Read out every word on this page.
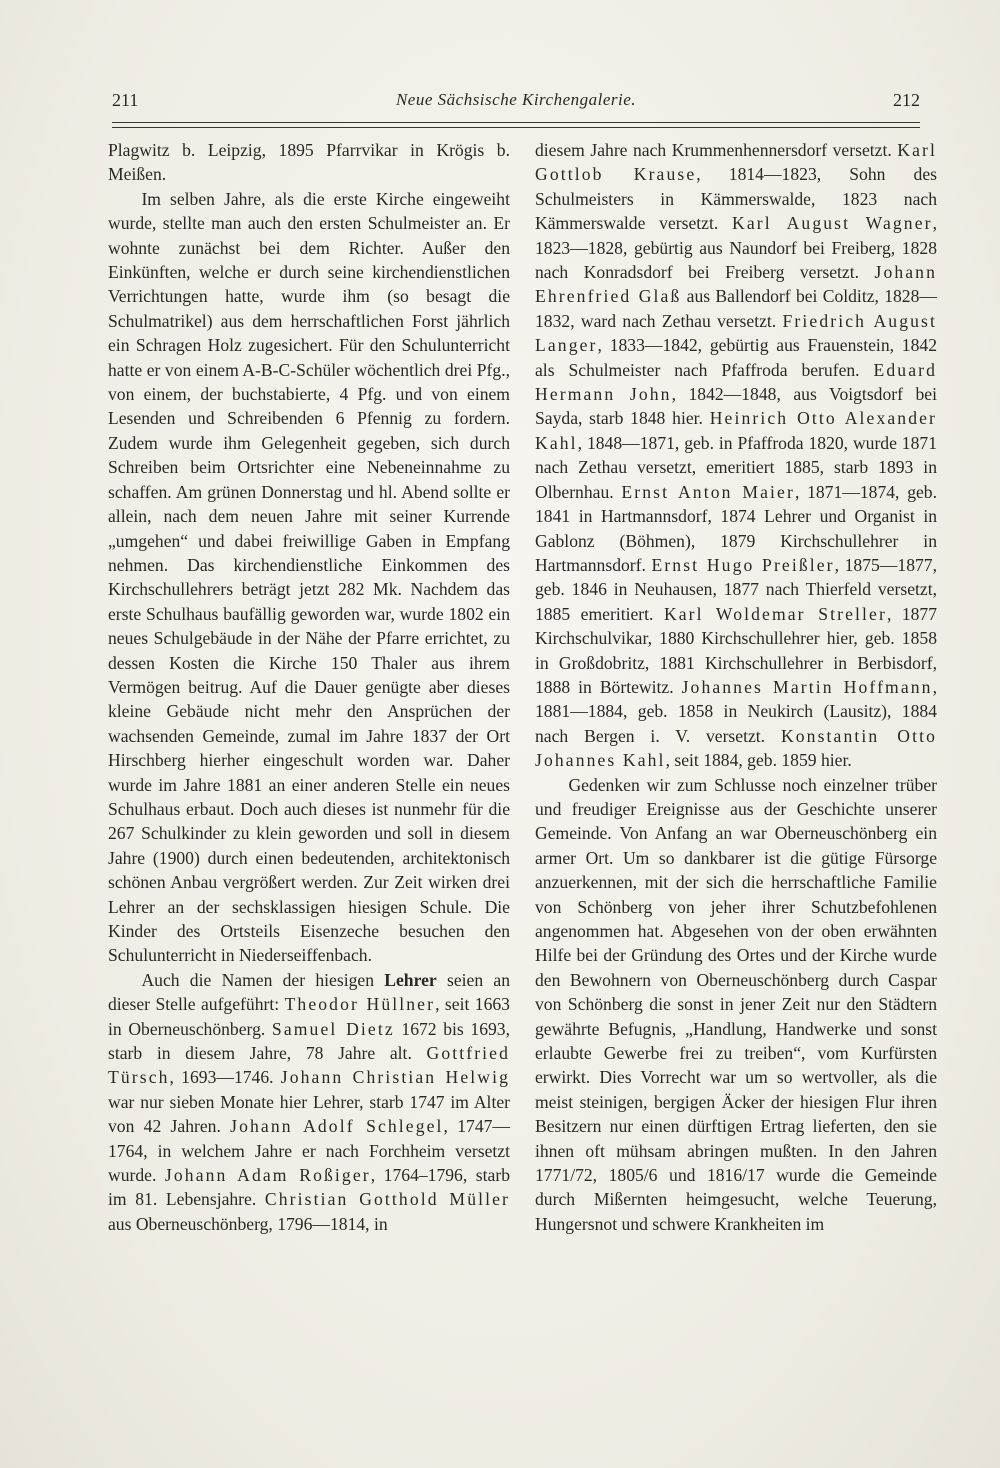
211	Neue Sächsische Kirchengalerie.	212

Plagwitz b. Leipzig, 1895 Pfarrvikar in Krögis b. Meißen.

Im selben Jahre, als die erste Kirche eingeweiht wurde, stellte man auch den ersten Schulmeister an. Er wohnte zunächst bei dem Richter. Außer den Einkünften, welche er durch seine kirchendienstlichen Verrichtungen hatte, wurde ihm (so besagt die Schulmatrikel) aus dem herrschaftlichen Forst jährlich ein Schragen Holz zugesichert. Für den Schulunterricht hatte er von einem A-B-C-Schüler wöchentlich drei Pfg., von einem, der buchstabierte, 4 Pfg. und von einem Lesenden und Schreibenden 6 Pfennig zu fordern. Zudem wurde ihm Gelegenheit gegeben, sich durch Schreiben beim Ortsrichter eine Nebeneinnahme zu schaffen. Am grünen Donnerstag und hl. Abend sollte er allein, nach dem neuen Jahre mit seiner Kurrende „umgehen“ und dabei freiwillige Gaben in Empfang nehmen. Das kirchendienstliche Einkommen des Kirchschullehrers beträgt jetzt 282 Mk. Nachdem das erste Schulhaus baufällig geworden war, wurde 1802 ein neues Schulgebäude in der Nähe der Pfarre errichtet, zu dessen Kosten die Kirche 150 Thaler aus ihrem Vermögen beitrug. Auf die Dauer genügte aber dieses kleine Gebäude nicht mehr den Ansprüchen der wachsenden Gemeinde, zumal im Jahre 1837 der Ort Hirschberg hierher eingeschult worden war. Daher wurde im Jahre 1881 an einer anderen Stelle ein neues Schulhaus erbaut. Doch auch dieses ist nunmehr für die 267 Schulkinder zu klein geworden und soll in diesem Jahre (1900) durch einen bedeutenden, architektonisch schönen Anbau vergrößert werden. Zur Zeit wirken drei Lehrer an der sechsklassigen hiesigen Schule. Die Kinder des Ortsteils Eisenzeche besuchen den Schulunterricht in Niederseiffenbach.

Auch die Namen der hiesigen Lehrer seien an dieser Stelle aufgeführt: Theodor Hüllner, seit 1663 in Oberneuschönberg. Samuel Dietz 1672 bis 1693, starb in diesem Jahre, 78 Jahre alt. Gottfried Türsch, 1693—1746. Johann Christian Helwig war nur sieben Monate hier Lehrer, starb 1747 im Alter von 42 Jahren. Johann Adolf Schlegel, 1747—1764, in welchem Jahre er nach Forchheim versetzt wurde. Johann Adam Roßiger, 1764–1796, starb im 81. Lebensjahre. Christian Gotthold Müller aus Oberneuschönberg, 1796—1814, in

diesem Jahre nach Krummenhennersdorf versetzt. Karl Gottlob Krause, 1814—1823, Sohn des Schulmeisters in Kämmerswalde, 1823 nach Kämmerswalde versetzt. Karl August Wagner, 1823—1828, gebürtig aus Naundorf bei Freiberg, 1828 nach Konradsdorf bei Freiberg versetzt. Johann Ehrenfried Glaß aus Ballendorf bei Colditz, 1828—1832, ward nach Zethau versetzt. Friedrich August Langer, 1833—1842, gebürtig aus Frauenstein, 1842 als Schulmeister nach Pfaffroda berufen. Eduard Hermann John, 1842—1848, aus Voigtsdorf bei Sayda, starb 1848 hier. Heinrich Otto Alexander Kahl, 1848—1871, geb. in Pfaffroda 1820, wurde 1871 nach Zethau versetzt, emeritiert 1885, starb 1893 in Olbernhau. Ernst Anton Maier, 1871—1874, geb. 1841 in Hartmannsdorf, 1874 Lehrer und Organist in Gablonz (Böhmen), 1879 Kirchschullehrer in Hartmannsdorf. Ernst Hugo Preißler, 1875—1877, geb. 1846 in Neuhausen, 1877 nach Thierfeld versetzt, 1885 emeritiert. Karl Woldemar Streller, 1877 Kirchschulvikar, 1880 Kirchschullehrer hier, geb. 1858 in Großdobritz, 1881 Kirchschullehrer in Berbisdorf, 1888 in Börtewitz. Johannes Martin Hoffmann, 1881—1884, geb. 1858 in Neukirch (Lausitz), 1884 nach Bergen i. V. versetzt. Konstantin Otto Johannes Kahl, seit 1884, geb. 1859 hier.

Gedenken wir zum Schlusse noch einzelner trüber und freudiger Ereignisse aus der Geschichte unserer Gemeinde. Von Anfang an war Oberneuschönberg ein armer Ort. Um so dankbarer ist die gütige Fürsorge anzuerkennen, mit der sich die herrschaftliche Familie von Schönberg von jeher ihrer Schutzbefohlenen angenommen hat. Abgesehen von der oben erwähnten Hilfe bei der Gründung des Ortes und der Kirche wurde den Bewohnern von Oberneuschönberg durch Caspar von Schönberg die sonst in jener Zeit nur den Städtern gewährte Befugnis, „Handlung, Handwerke und sonst erlaubte Gewerbe frei zu treiben“, vom Kurfürsten erwirkt. Dies Vorrecht war um so wertvoller, als die meist steinigen, bergigen Äcker der hiesigen Flur ihren Besitzern nur einen dürftigen Ertrag lieferten, den sie ihnen oft mühsam abringen mußten. In den Jahren 1771/72, 1805/6 und 1816/17 wurde die Gemeinde durch Mißernten heimgesucht, welche Teuerung, Hungersnot und schwere Krankheiten im
